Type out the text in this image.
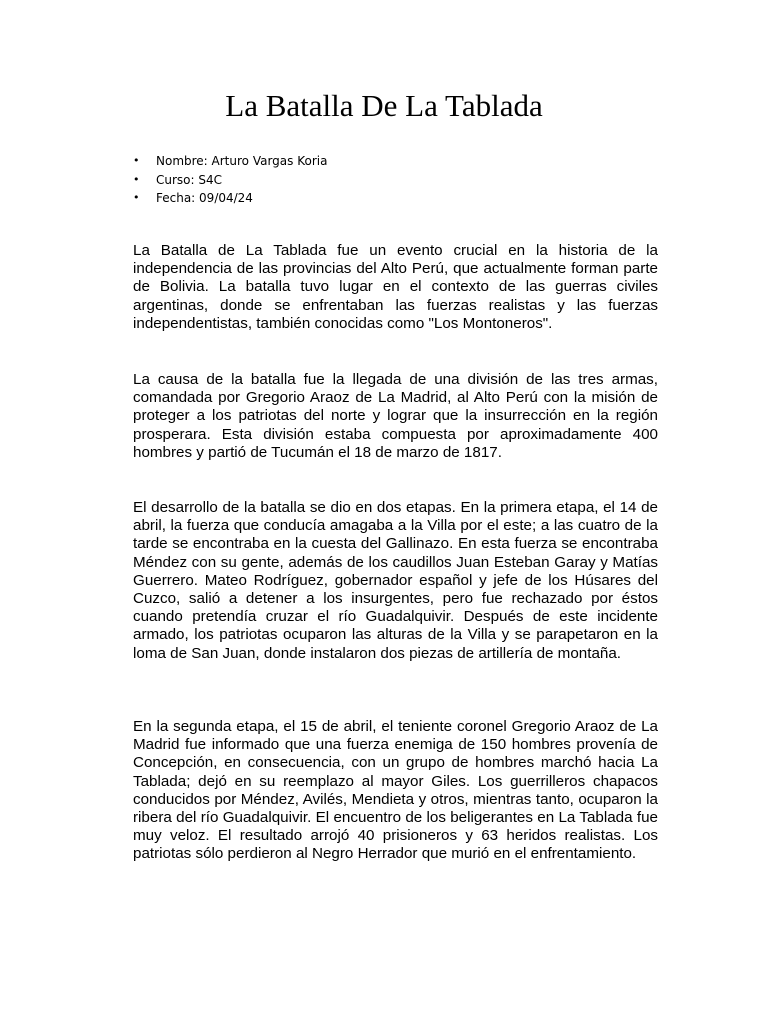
La Batalla De La Tablada
• Nombre: Arturo Vargas Koria
• Curso: S4C
• Fecha: 09/04/24

La Batalla de La Tablada fue un evento crucial en la historia de la independencia de las provincias del Alto Perú, que actualmente forman parte de Bolivia. La batalla tuvo lugar en el contexto de las guerras civiles argentinas, donde se enfrentaban las fuerzas realistas y las fuerzas independentistas, también conocidas como "Los Montoneros".

La causa de la batalla fue la llegada de una división de las tres armas, comandada por Gregorio Araoz de La Madrid, al Alto Perú con la misión de proteger a los patriotas del norte y lograr que la insurrección en la región prosperara. Esta división estaba compuesta por aproximadamente 400 hombres y partió de Tucumán el 18 de marzo de 1817.

El desarrollo de la batalla se dio en dos etapas. En la primera etapa, el 14 de abril, la fuerza que conducía amagaba a la Villa por el este; a las cuatro de la tarde se encontraba en la cuesta del Gallinazo. En esta fuerza se encontraba Méndez con su gente, además de los caudillos Juan Esteban Garay y Matías Guerrero. Mateo Rodríguez, gobernador español y jefe de los Húsares del Cuzco, salió a detener a los insurgentes, pero fue rechazado por éstos cuando pretendía cruzar el río Guadalquivir. Después de este incidente armado, los patriotas ocuparon las alturas de la Villa y se parapetaron en la loma de San Juan, donde instalaron dos piezas de artillería de montaña.

En la segunda etapa, el 15 de abril, el teniente coronel Gregorio Araoz de La Madrid fue informado que una fuerza enemiga de 150 hombres provenía de Concepción, en consecuencia, con un grupo de hombres marchó hacia La Tablada; dejó en su reemplazo al mayor Giles. Los guerrilleros chapacos conducidos por Méndez, Avilés, Mendieta y otros, mientras tanto, ocuparon la ribera del río Guadalquivir. El encuentro de los beligerantes en La Tablada fue muy veloz. El resultado arrojó 40 prisioneros y 63 heridos realistas. Los patriotas sólo perdieron al Negro Herrador que murió en el enfrentamiento.
